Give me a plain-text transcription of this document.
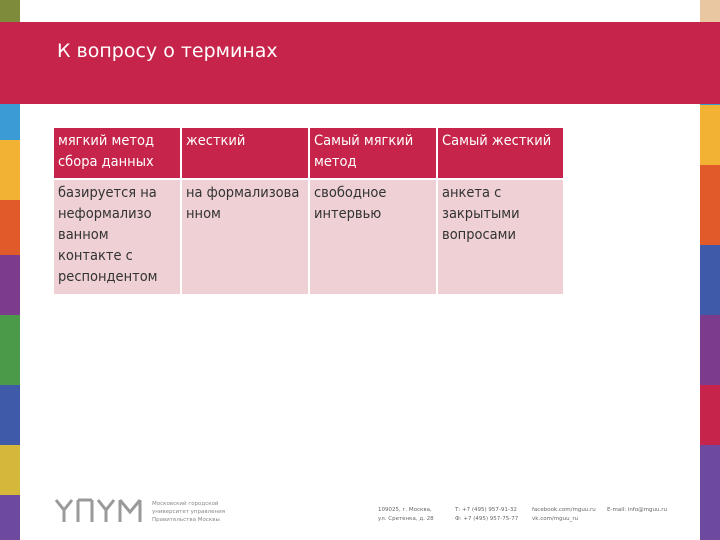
К вопросу о терминах
мягкий метод сбора данных	жесткий	Самый мягкий метод	Самый жесткий
базируется на неформализо ванном контакте с респондентом	на формализова нном	свободное интервью	анкета с закрытыми вопросами
Московский городской университет управления Правительства Москвы
109025, г. Москва,
ул. Сретенка, д. 28
Т: +7 (495) 957-91-32
Ф: +7 (495) 957-75-77
facebook.com/mguu.ru
vk.com/mguu_ru
E-mail: info@mguu.ru
